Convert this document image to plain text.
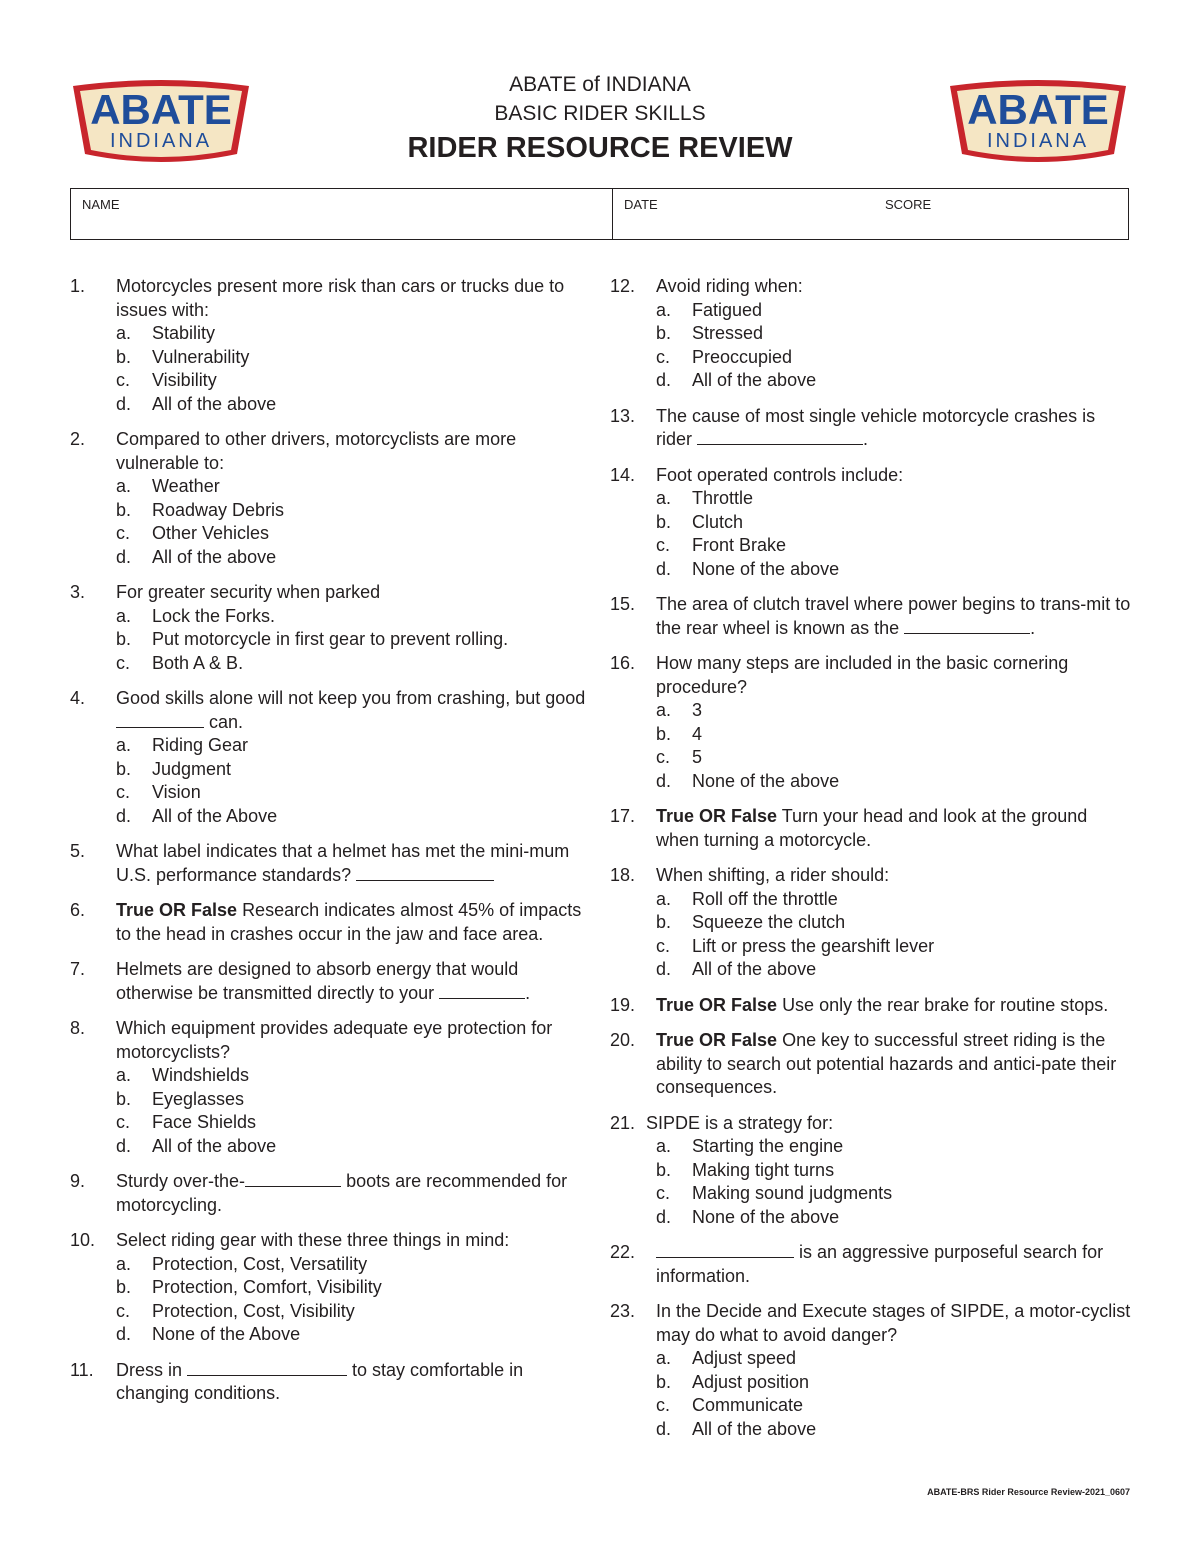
ABATE
INDIANA
ABATE
INDIANA
ABATE of INDIANA
BASIC RIDER SKILLS
RIDER RESOURCE REVIEW
NAME	DATE	SCORE
1. Motorcycles present more risk than cars or trucks due to issues with:
a. Stability
b. Vulnerability
c. Visibility
d. All of the above
2. Compared to other drivers, motorcyclists are more vulnerable to:
a. Weather
b. Roadway Debris
c. Other Vehicles
d. All of the above
3. For greater security when parked
a. Lock the Forks.
b. Put motorcycle in first gear to prevent rolling.
c. Both A & B.
4. Good skills alone will not keep you from crashing, but good  can.
a. Riding Gear
b. Judgment
c. Vision
d. All of the Above
5. What label indicates that a helmet has met the mini-mum U.S. performance standards?
6. True OR False Research indicates almost 45% of impacts to the head in crashes occur in the jaw and face area.
7. Helmets are designed to absorb energy that would otherwise be transmitted directly to your	.
8. Which equipment provides adequate eye protection for motorcyclists?
a. Windshields
b. Eyeglasses
c. Face Shields
d. All of the above
9. Sturdy over-the-	boots are recommended for motorcycling.
10. Select riding gear with these three things in mind:
a. Protection, Cost, Versatility
b. Protection, Comfort, Visibility
c. Protection, Cost, Visibility
d. None of the Above
11. Dress in	to stay comfortable in changing conditions.
12. Avoid riding when:
a. Fatigued
b. Stressed
c. Preoccupied
d. All of the above
13. The cause of most single vehicle motorcycle crashes is rider	.
14. Foot operated controls include:
a. Throttle
b. Clutch
c. Front Brake
d. None of the above
15. The area of clutch travel where power begins to trans-mit to the rear wheel is known as the	.
16. How many steps are included in the basic cornering procedure?
a. 3
b. 4
c. 5
d. None of the above
17. True OR False Turn your head and look at the ground when turning a motorcycle.
18. When shifting, a rider should:
a. Roll off the throttle
b. Squeeze the clutch
c. Lift or press the gearshift lever
d. All of the above
19. True OR False Use only the rear brake for routine stops.
20. True OR False One key to successful street riding is the ability to search out potential hazards and antici-pate their consequences.
21. SIPDE is a strategy for:
a. Starting the engine
b. Making tight turns
c. Making sound judgments
d. None of the above
22.	is an aggressive purposeful search for information.
23. In the Decide and Execute stages of SIPDE, a motor-cyclist may do what to avoid danger?
a. Adjust speed
b. Adjust position
c. Communicate
d. All of the above
ABATE-BRS Rider Resource Review-2021_0607
